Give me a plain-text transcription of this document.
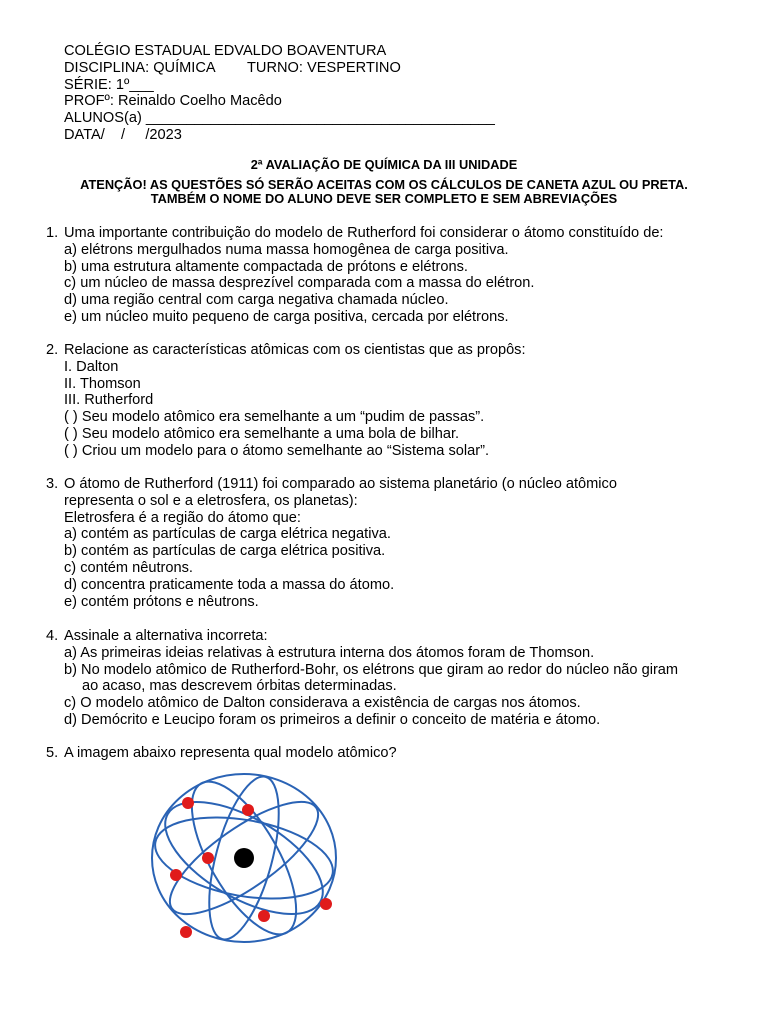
COLÉGIO ESTADUAL EDVALDO BOAVENTURA
DISCIPLINA: QUÍMICA        TURNO: VESPERTINO
SÉRIE: 1º___
PROFº: Reinaldo Coelho Macêdo
ALUNOS(a) ___________________________________________
DATA/    /     /2023
2ª AVALIAÇÃO DE QUÍMICA DA III UNIDADE
ATENÇÃO! AS QUESTÕES SÓ SERÃO ACEITAS COM OS CÁLCULOS DE CANETA AZUL OU PRETA. TAMBÉM O NOME DO ALUNO DEVE SER COMPLETO E SEM ABREVIAÇÕES
1. Uma importante contribuição do modelo de Rutherford foi considerar o átomo constituído de:
a) elétrons mergulhados numa massa homogênea de carga positiva.
b) uma estrutura altamente compactada de prótons e elétrons.
c) um núcleo de massa desprezível comparada com a massa do elétron.
d) uma região central com carga negativa chamada núcleo.
e) um núcleo muito pequeno de carga positiva, cercada por elétrons.
2. Relacione as características atômicas com os cientistas que as propôs:
I. Dalton
II. Thomson
III. Rutherford
( ) Seu modelo atômico era semelhante a um “pudim de passas”.
( ) Seu modelo atômico era semelhante a uma bola de bilhar.
( ) Criou um modelo para o átomo semelhante ao “Sistema solar”.
3. O átomo de Rutherford (1911) foi comparado ao sistema planetário (o núcleo atômico representa o sol e a eletrosfera, os planetas):
Eletrosfera é a região do átomo que:
a) contém as partículas de carga elétrica negativa.
b) contém as partículas de carga elétrica positiva.
c) contém nêutrons.
d) concentra praticamente toda a massa do átomo.
e) contém prótons e nêutrons.
4. Assinale a alternativa incorreta:
a) As primeiras ideias relativas à estrutura interna dos átomos foram de Thomson.
b) No modelo atômico de Rutherford-Bohr, os elétrons que giram ao redor do núcleo não giram
ao acaso, mas descrevem órbitas determinadas.
c) O modelo atômico de Dalton considerava a existência de cargas nos átomos.
d) Demócrito e Leucipo foram os primeiros a definir o conceito de matéria e átomo.
5. A imagem abaixo representa qual modelo atômico?
